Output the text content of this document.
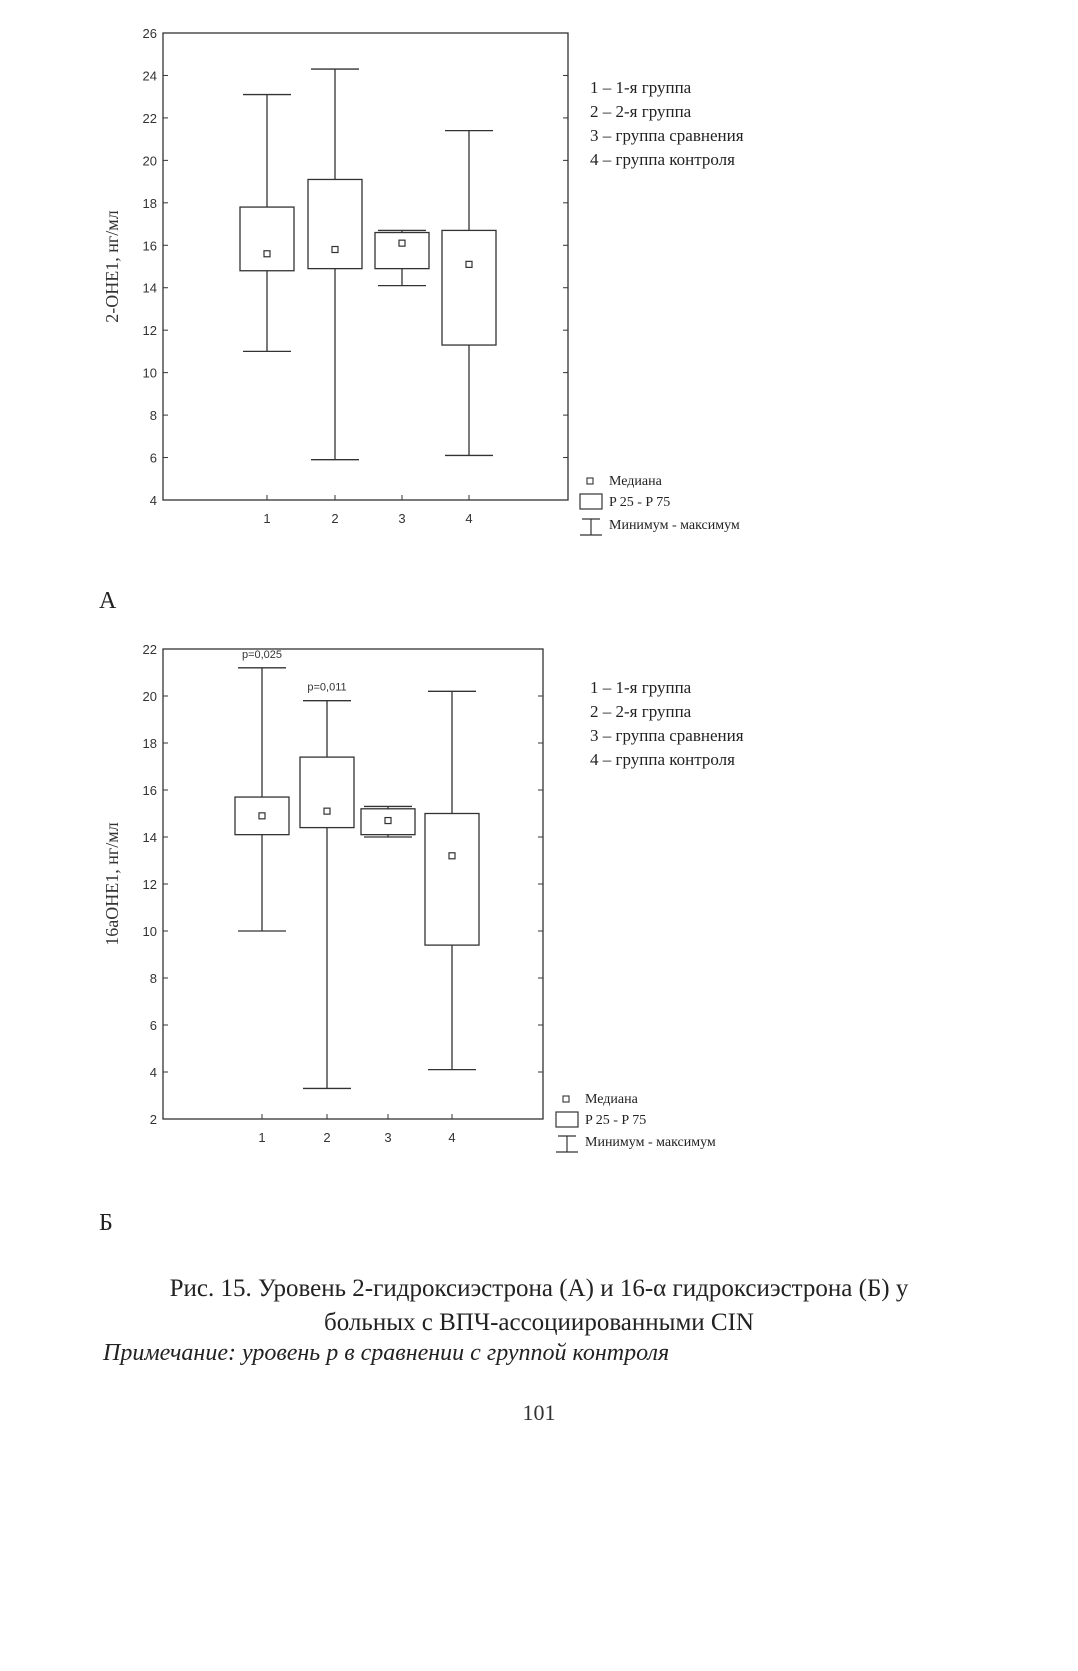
4
6
8
10
12
14
16
18
20
22
24
26
1	2	3	4
2-OHE1, нг/мл
1 – 1-я группа
2 – 2-я группа
3 – группа сравнения
4 – группа контроля
Медиана
P 25 - P 75
Минимум - максимум
А
2
4
6
8
10
12
14
16
18
20
22
1	2	3	4
16aOHE1, нг/мл
p=0,025
p=0,011	1 – 1-я группа
2 – 2-я группа
3 – группа сравнения
4 – группа контроля
Медиана
P 25 - P 75
Минимум - максимум
Б
Рис. 15. Уровень 2-гидроксиэстрона (А) и 16-α гидроксиэстрона (Б) у
больных с ВПЧ-ассоциированными CIN
Примечание: уровень р в сравнении с группой контроля
101
